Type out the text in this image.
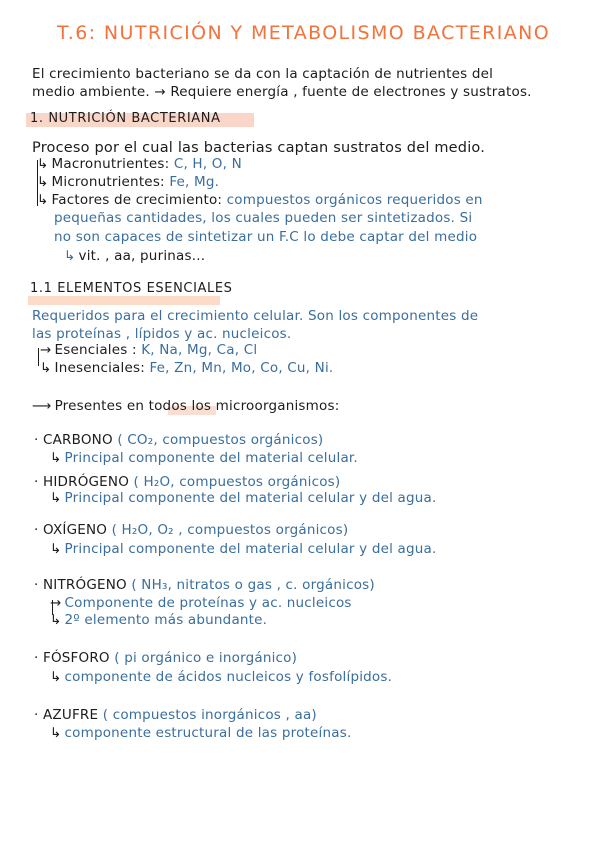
T.6: NUTRICIÓN Y METABOLISMO BACTERIANO
El crecimiento bacteriano se da con la captación de nutrientes del
medio ambiente. → Requiere energía , fuente de electrones y sustratos.
1. NUTRICIÓN BACTERIANA
Proceso por el cual las bacterias captan sustratos del medio.
↳ Macronutrientes: C, H, O, N
↳ Micronutrientes: Fe, Mg.
↳ Factores de crecimiento: compuestos orgánicos requeridos en
pequeñas cantidades, los cuales pueden ser sintetizados. Si
no son capaces de sintetizar un F.C lo debe captar del medio
↳ vit. , aa, purinas...
1.1 ELEMENTOS ESENCIALES
Requeridos para el crecimiento celular. Son los componentes de
las proteínas , lípidos y ac. nucleicos.
→ Esenciales : K, Na, Mg, Ca, Cl
↳ Inesenciales: Fe, Zn, Mn, Mo, Co, Cu, Ni.
⟶ Presentes en todos los microorganismos:
· CARBONO ( CO₂, compuestos orgánicos)
↳ Principal componente del material celular.
· HIDRÓGENO ( H₂O, compuestos orgánicos)
↳ Principal componente del material celular y del agua.
· OXÍGENO ( H₂O, O₂ , compuestos orgánicos)
↳ Principal componente del material celular y del agua.
· NITRÓGENO ( NH₃, nitratos o gas , c. orgánicos)
→ Componente de proteínas y ac. nucleicos
↳ 2º elemento más abundante.
· FÓSFORO ( pi orgánico e inorgánico)
↳ componente de ácidos nucleicos y fosfolípidos.
· AZUFRE ( compuestos inorgánicos , aa)
↳ componente estructural de las proteínas.
